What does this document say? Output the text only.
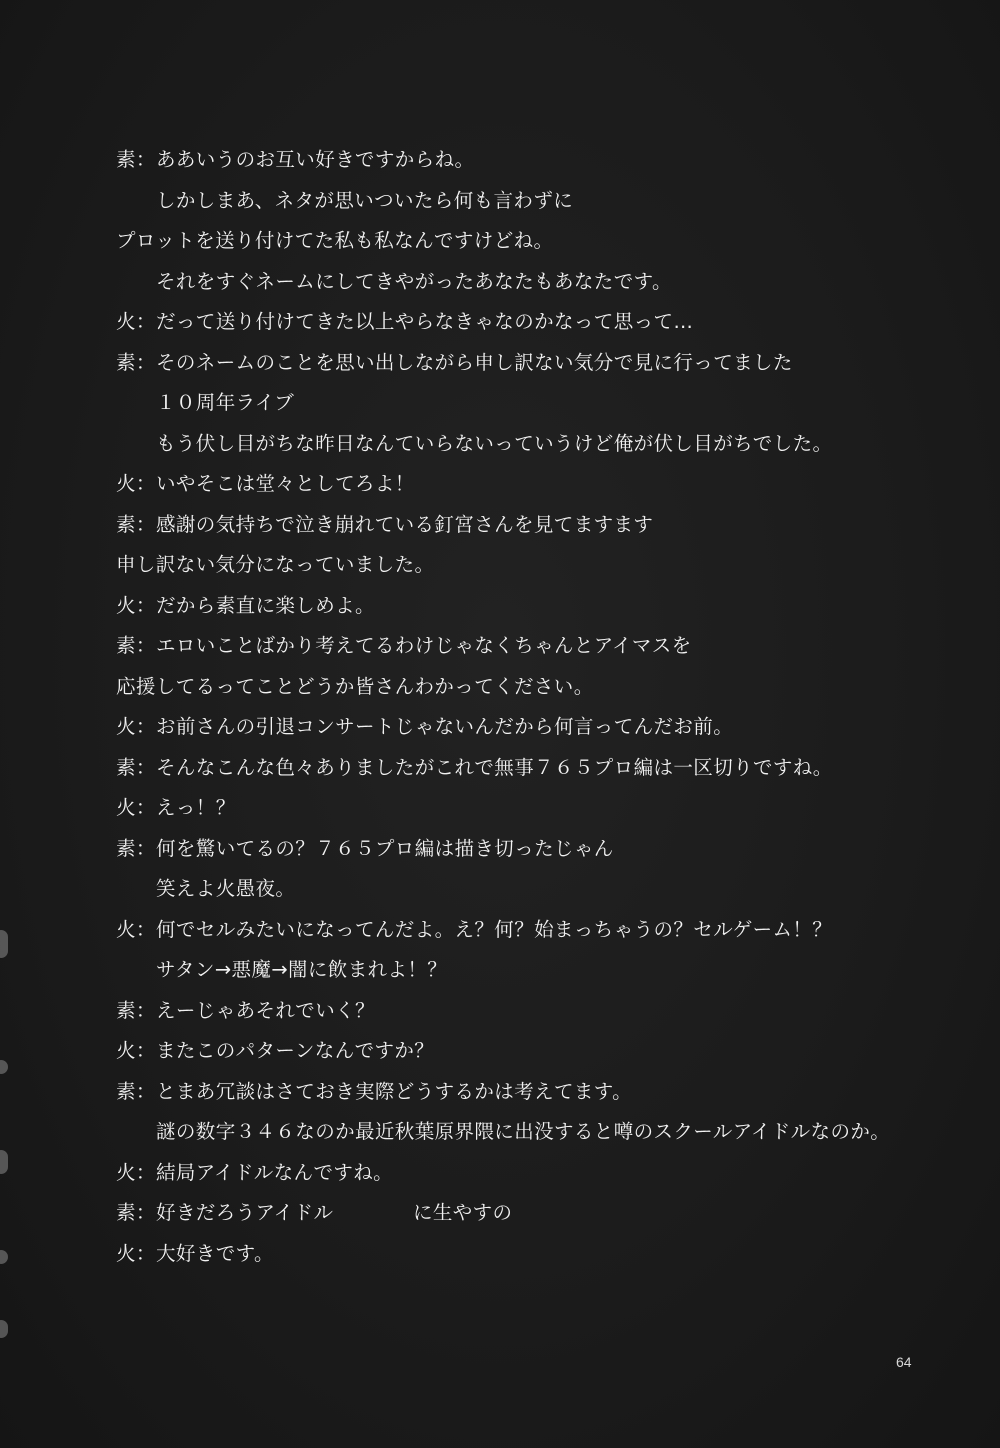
素： ああいうのお互い好きですからね。
しかしまあ、ネタが思いついたら何も言わずに
プロットを送り付けてた私も私なんですけどね。
それをすぐネームにしてきやがったあなたもあなたです。
火： だって送り付けてきた以上やらなきゃなのかなって思って…
素： そのネームのことを思い出しながら申し訳ない気分で見に行ってました
１０周年ライブ
もう伏し目がちな昨日なんていらないっていうけど俺が伏し目がちでした。
火： いやそこは堂々としてろよ！
素： 感謝の気持ちで泣き崩れている釘宮さんを見てますます
申し訳ない気分になっていました。
火： だから素直に楽しめよ。
素： エロいことばかり考えてるわけじゃなくちゃんとアイマスを
応援してるってことどうか皆さんわかってください。
火： お前さんの引退コンサートじゃないんだから何言ってんだお前。
素： そんなこんな色々ありましたがこれで無事７６５プロ編は一区切りですね。
火： えっ！？
素： 何を驚いてるの？７６５プロ編は描き切ったじゃん
笑えよ火愚夜。
火： 何でセルみたいになってんだよ。え？何？始まっちゃうの？セルゲーム！？
サタン→悪魔→闇に飲まれよ！？
素： えーじゃあそれでいく？
火： またこのパターンなんですか？
素： とまあ冗談はさておき実際どうするかは考えてます。
謎の数字３４６なのか最近秋葉原界隈に出没すると噂のスクールアイドルなのか。
火： 結局アイドルなんですね。
素： 好きだろうアイドル　　　　に生やすの
火： 大好きです。
64
